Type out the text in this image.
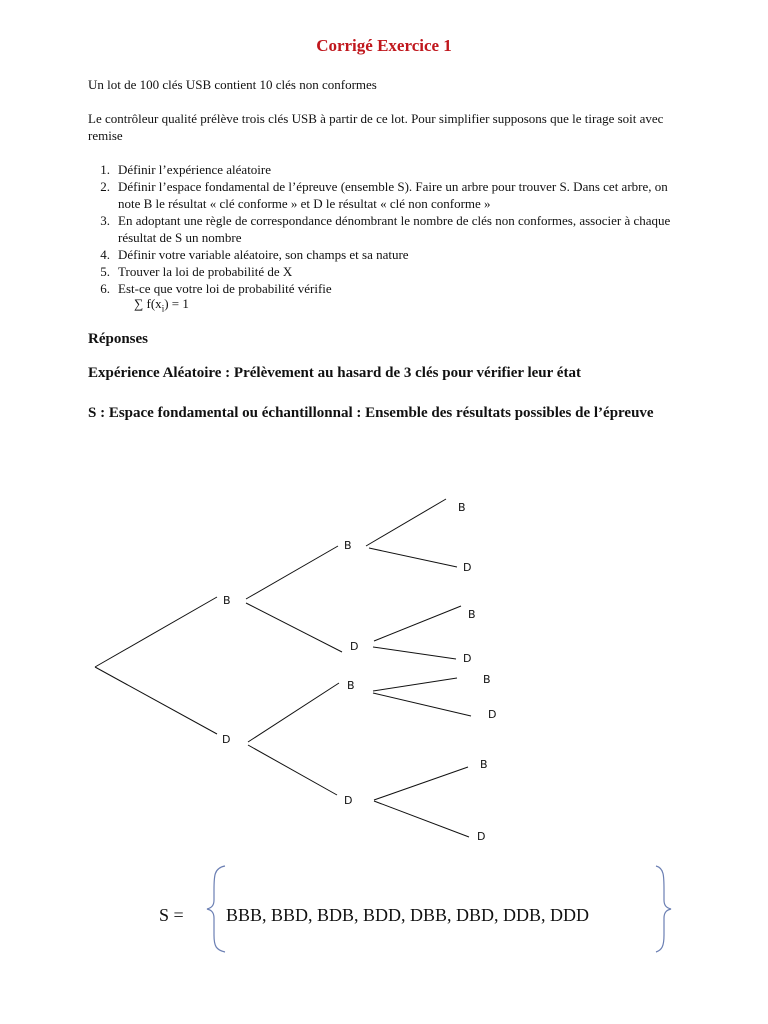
Corrigé Exercice 1
Un lot de 100 clés USB contient 10 clés non conformes
Le contrôleur qualité prélève trois clés USB à partir de ce lot. Pour simplifier supposons que le tirage soit avec remise
1. Définir l’expérience aléatoire
2. Définir l’espace fondamental de l’épreuve (ensemble S). Faire un arbre pour trouver S. Dans cet arbre, on note B le résultat « clé conforme » et D le résultat « clé non conforme »
3. En adoptant une règle de correspondance dénombrant le nombre de clés non conformes, associer à chaque résultat de S un nombre
4. Définir votre variable aléatoire, son champs et sa nature
5. Trouver la loi de probabilité de X
6. Est-ce que votre loi de probabilité vérifie
∑ $f(x_i) = 1$
Réponses
Expérience Aléatoire : Prélèvement au hasard de 3 clés pour vérifier leur état
S : Espace fondamental ou échantillonnal : Ensemble des résultats possibles de l’épreuve
B
D
B
D
B
D
B
D
B
D
B
D
B
D
S = BBB, BBD, BDB, BDD, DBB, DBD, DDB, DDD
